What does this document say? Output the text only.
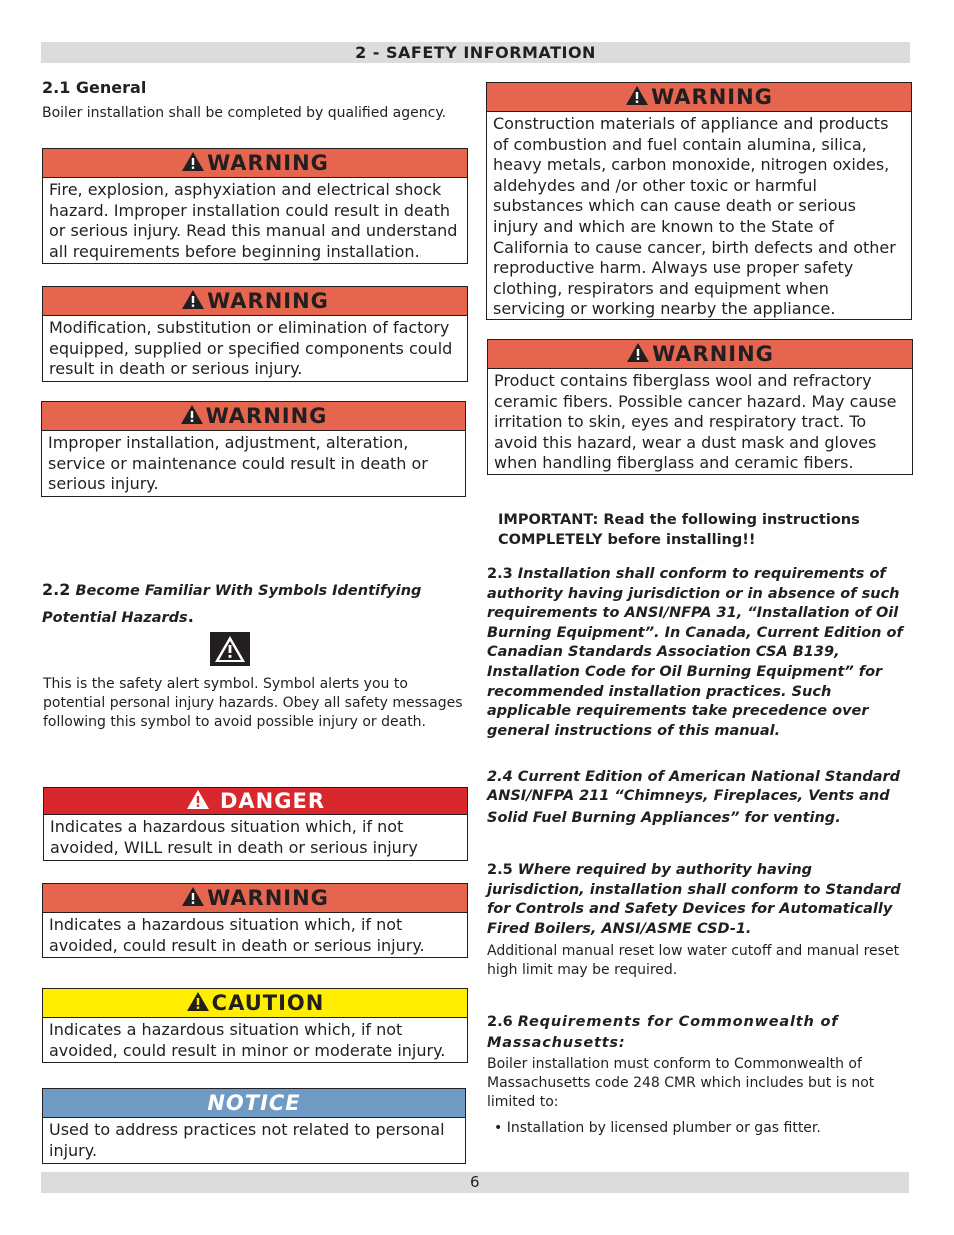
2 - SAFETY INFORMATION
2.1 General
Boiler installation shall be completed by qualified agency.
WARNING
Fire, explosion, asphyxiation and electrical shock hazard. Improper installation could result in death or serious injury. Read this manual and understand all requirements before beginning installation.
WARNING
Modification, substitution or elimination of factory equipped, supplied or specified components could result in death or serious injury.
WARNING
Improper installation, adjustment, alteration, service or maintenance could result in death or serious injury.
2.2 Become Familiar With Symbols Identifying
Potential Hazards.
This is the safety alert symbol. Symbol alerts you to potential personal injury hazards. Obey all safety messages following this symbol to avoid possible injury or death.
DANGER
Indicates a hazardous situation which, if not avoided, WILL result in death or serious injury
WARNING
Indicates a hazardous situation which, if not avoided, could result in death or serious injury.
CAUTION
Indicates a hazardous situation which, if not avoided, could result in minor or moderate injury.
NOTICE
Used to address practices not related to personal injury.
WARNING
Construction materials of appliance and products of combustion and fuel contain alumina, silica, heavy metals, carbon monoxide, nitrogen oxides, aldehydes and /or other toxic or harmful substances which can cause death or serious injury and which are known to the State of California to cause cancer, birth defects and other reproductive harm. Always use proper safety clothing, respirators and equipment when servicing or working nearby the appliance.
WARNING
Product contains fiberglass wool and refractory ceramic fibers. Possible cancer hazard. May cause irritation to skin, eyes and respiratory tract. To avoid this hazard, wear a dust mask and gloves when handling fiberglass and ceramic fibers.
IMPORTANT: Read the following instructions COMPLETELY before installing!!
2.3 Installation shall conform to requirements of authority having jurisdiction or in absence of such requirements to ANSI/NFPA 31, “Installation of Oil Burning Equipment”. In Canada, Current Edition of Canadian Standards Association CSA B139, Installation Code for Oil Burning Equipment” for recommended installation practices. Such applicable requirements take precedence over general instructions of this manual.
2.4 Current Edition of American National Standard
ANSI/NFPA 211 “Chimneys, Fireplaces, Vents and
Solid Fuel Burning Appliances” for venting.
2.5 Where required by authority having jurisdiction, installation shall conform to Standard for Controls and Safety Devices for Automatically Fired Boilers, ANSI/ASME CSD-1.
Additional manual reset low water cutoff and manual reset high limit may be required.
2.6 Requirements for Commonwealth of Massachusetts:
Boiler installation must conform to Commonwealth of Massachusetts code 248 CMR which includes but is not limited to:
• Installation by licensed plumber or gas fitter.
6
